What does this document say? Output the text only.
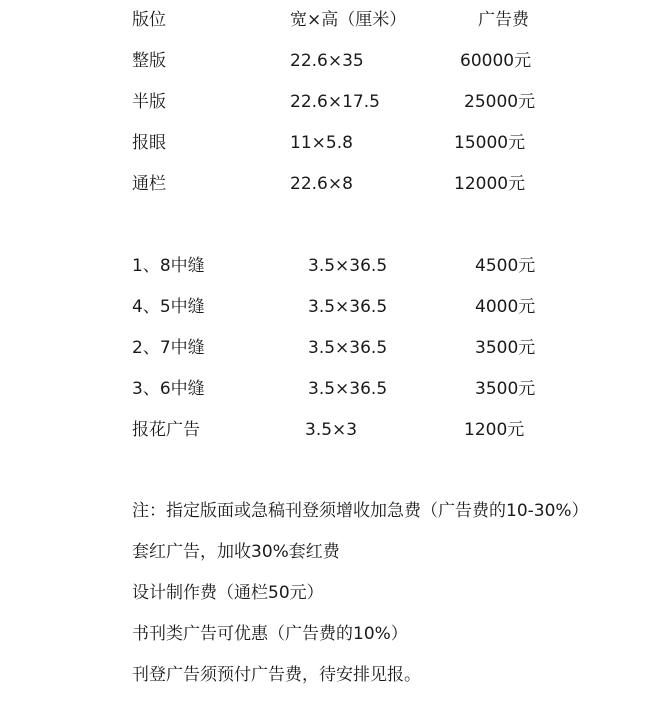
版位	宽×高（厘米）	广告费
整版	22.6×35	60000元
半版	22.6×17.5	25000元
报眼	11×5.8	15000元
通栏	22.6×8	12000元
1、8中缝	3.5×36.5	4500元
4、5中缝	3.5×36.5	4000元
2、7中缝	3.5×36.5	3500元
3、6中缝	3.5×36.5	3500元
报花广告	3.5×3	1200元
注：指定版面或急稿刊登须增收加急费（广告费的10-30%）
套红广告，加收30%套红费
设计制作费（通栏50元）
书刊类广告可优惠（广告费的10%）
刊登广告须预付广告费，待安排见报。
